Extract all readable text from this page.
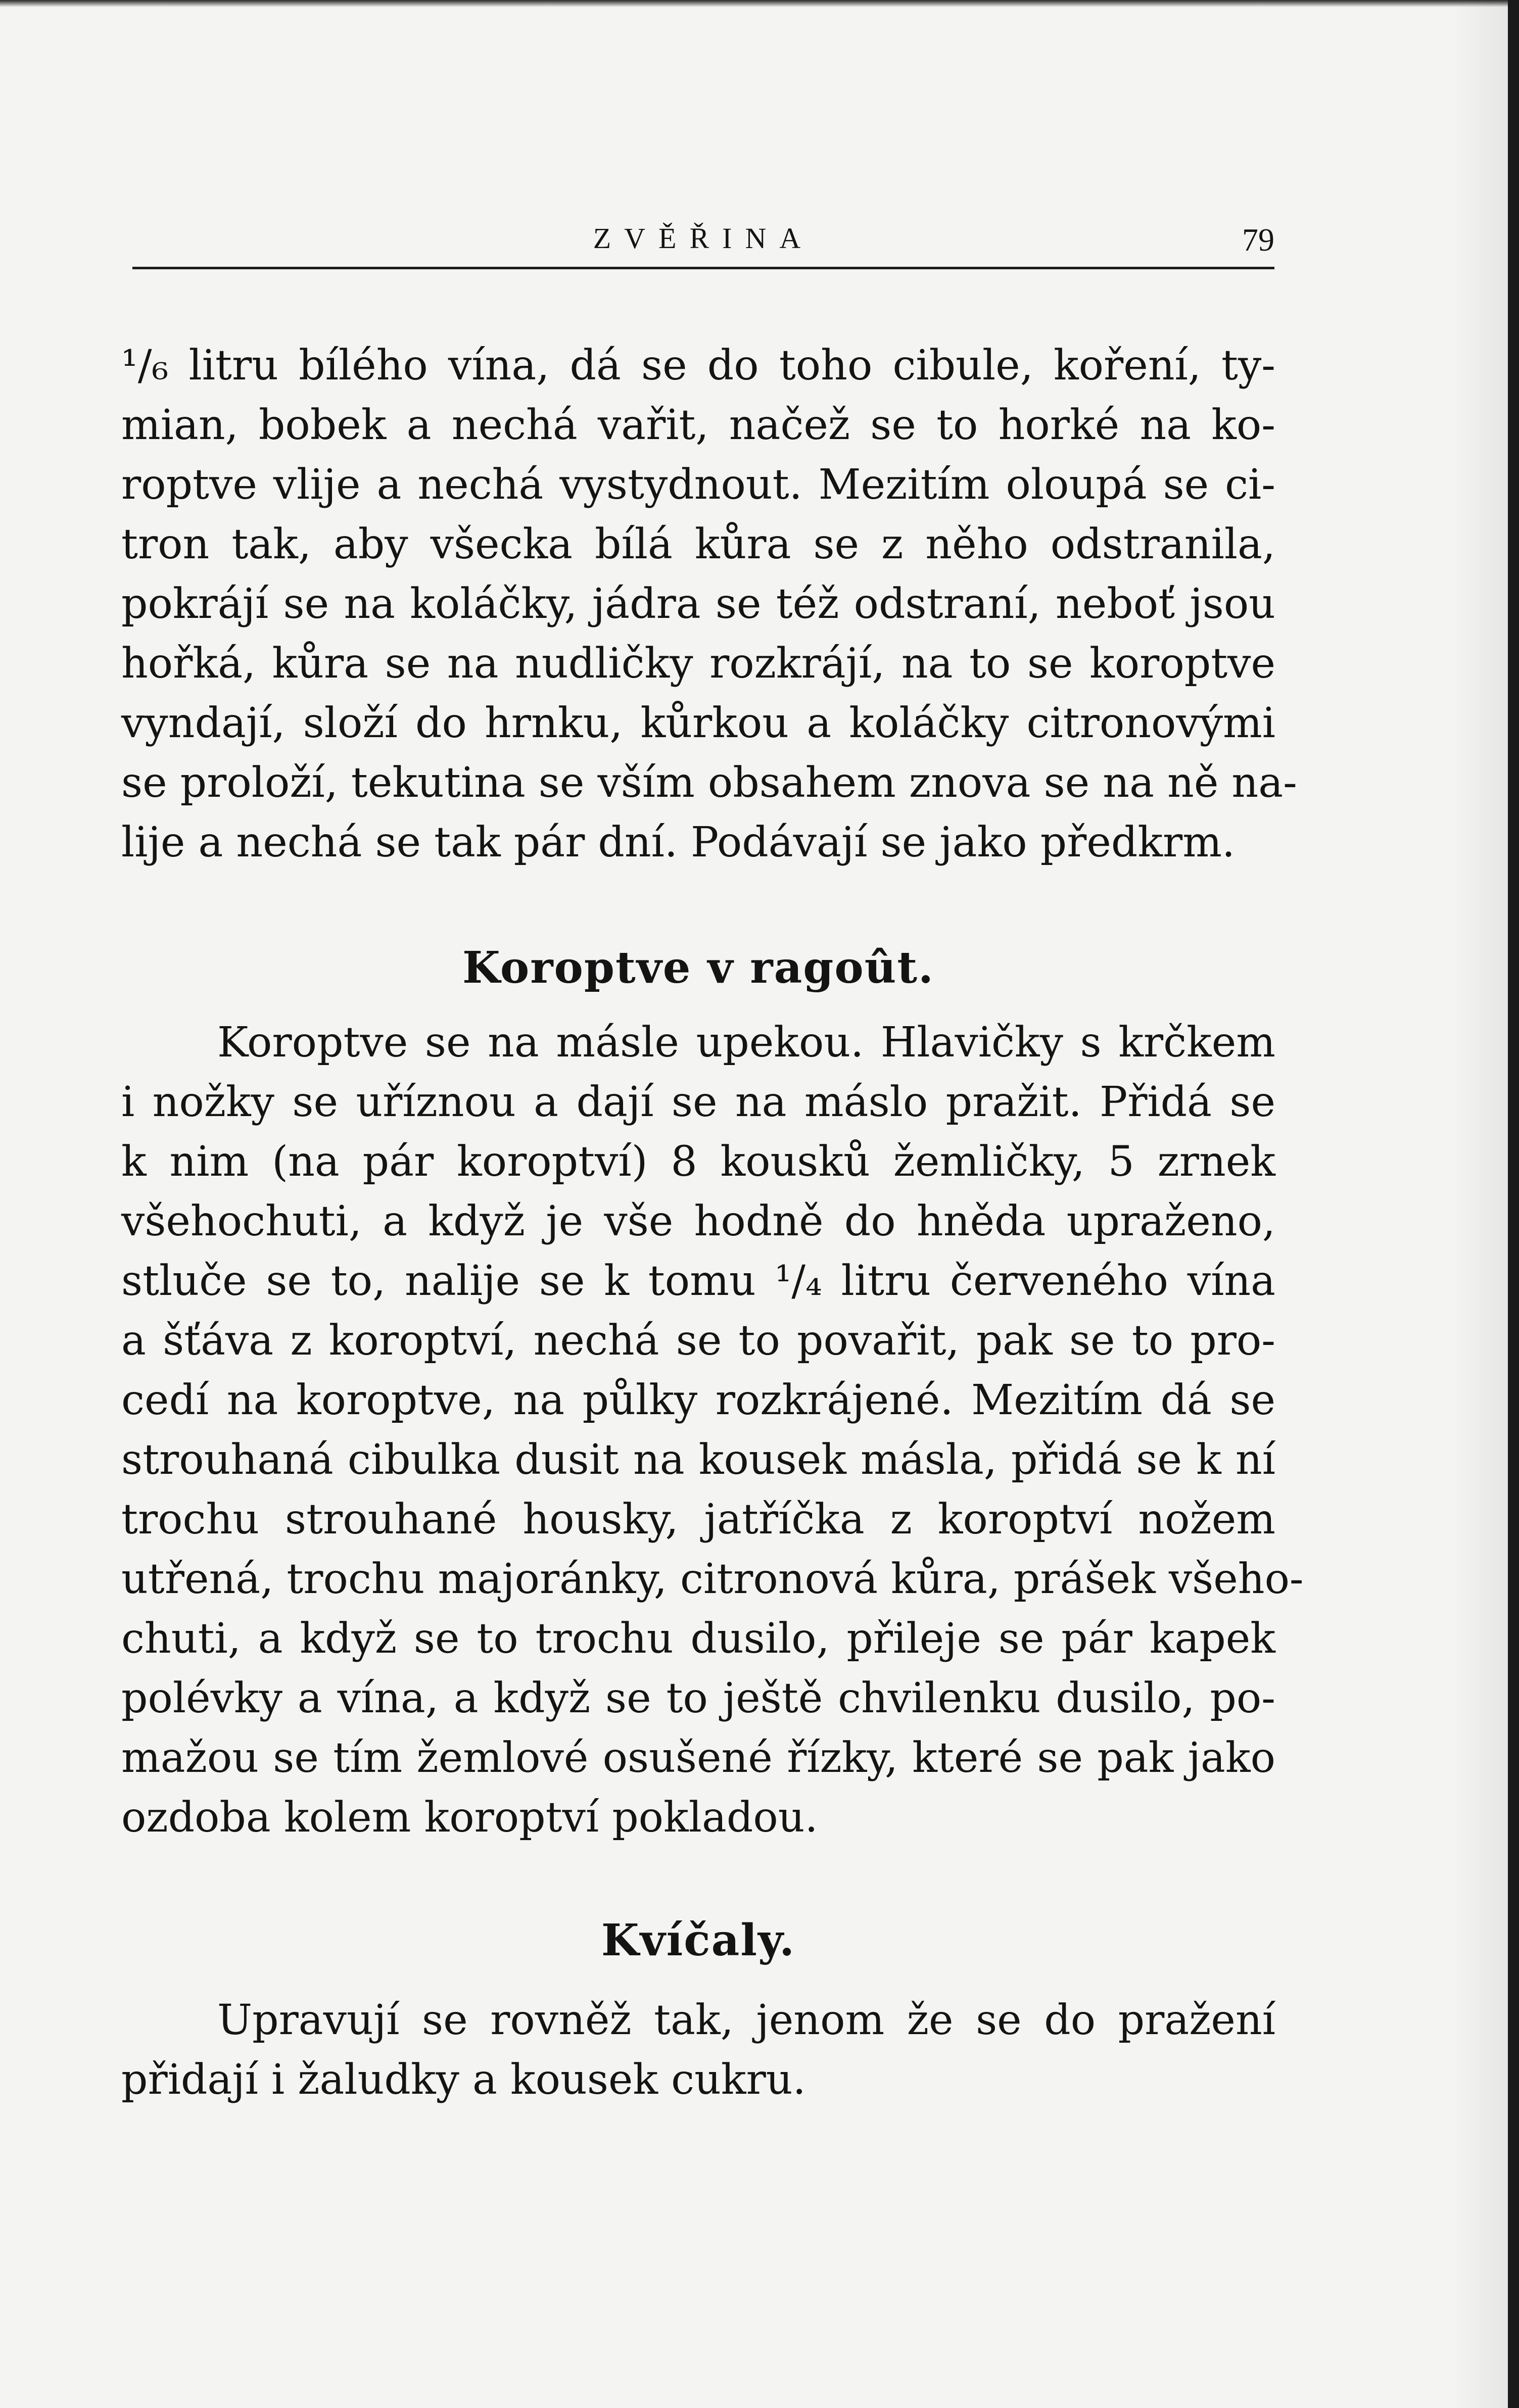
ZVĚŘINA	79
¹/₆ litru bílého vína, dá se do toho cibule, koření, ty-
mian, bobek a nechá vařit, načež se to horké na ko-
roptve vlije a nechá vystydnout. Mezitím oloupá se ci-
tron tak, aby všecka bílá kůra se z něho odstranila,
pokrájí se na koláčky, jádra se též odstraní, neboť jsou
hořká, kůra se na nudličky rozkrájí, na to se koroptve
vyndají, složí do hrnku, kůrkou a koláčky citronovými
se proloží, tekutina se vším obsahem znova se na ně na-
lije a nechá se tak pár dní. Podávají se jako předkrm.
Koroptve v ragoût.
Koroptve se na másle upekou. Hlavičky s krčkem
i nožky se uříznou a dají se na máslo pražit. Přidá se
k nim (na pár koroptví) 8 kousků žemličky, 5 zrnek
všehochuti, a když je vše hodně do hněda upraženo,
stluče se to, nalije se k tomu ¹/₄ litru červeného vína
a šťáva z koroptví, nechá se to povařit, pak se to pro-
cedí na koroptve, na půlky rozkrájené. Mezitím dá se
strouhaná cibulka dusit na kousek másla, přidá se k ní
trochu strouhané housky, jatříčka z koroptví nožem
utřená, trochu majoránky, citronová kůra, prášek všeho-
chuti, a když se to trochu dusilo, přileje se pár kapek
polévky a vína, a když se to ještě chvilenku dusilo, po-
mažou se tím žemlové osušené řízky, které se pak jako
ozdoba kolem koroptví pokladou.
Kvíčaly.
Upravují se rovněž tak, jenom že se do pražení
přidají i žaludky a kousek cukru.
